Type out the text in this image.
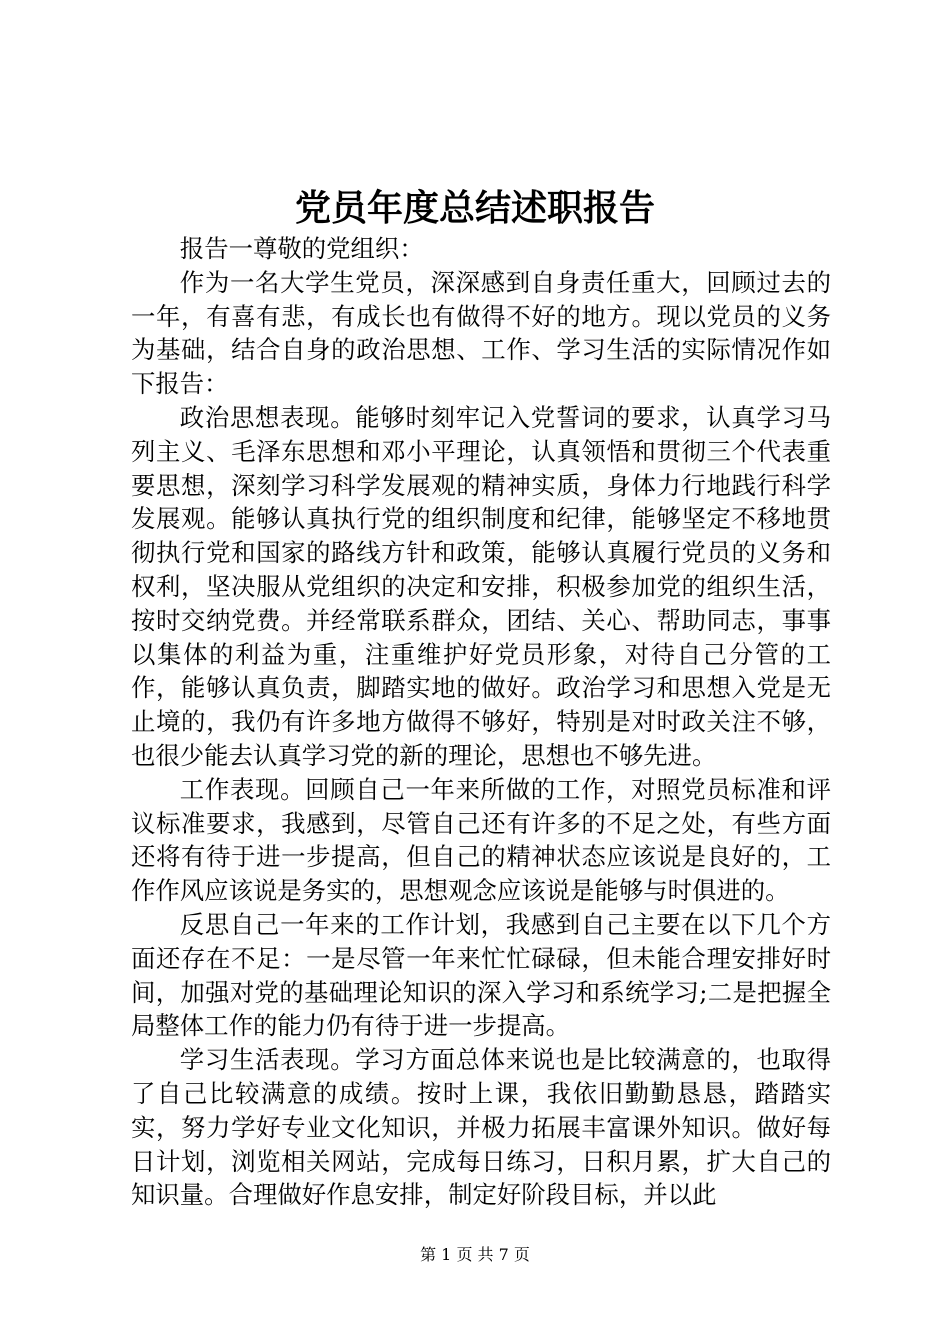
党员年度总结述职报告

报告一尊敬的党组织：

作为一名大学生党员，深深感到自身责任重大，回顾过去的一年，有喜有悲，有成长也有做得不好的地方。现以党员的义务为基础，结合自身的政治思想、工作、学习生活的实际情况作如下报告：

政治思想表现。能够时刻牢记入党誓词的要求，认真学习马列主义、毛泽东思想和邓小平理论，认真领悟和贯彻三个代表重要思想，深刻学习科学发展观的精神实质，身体力行地践行科学发展观。能够认真执行党的组织制度和纪律，能够坚定不移地贯彻执行党和国家的路线方针和政策，能够认真履行党员的义务和权利，坚决服从党组织的决定和安排，积极参加党的组织生活，按时交纳党费。并经常联系群众，团结、关心、帮助同志，事事以集体的利益为重，注重维护好党员形象，对待自己分管的工作，能够认真负责，脚踏实地的做好。政治学习和思想入党是无止境的，我仍有许多地方做得不够好，特别是对时政关注不够，也很少能去认真学习党的新的理论，思想也不够先进。

工作表现。回顾自己一年来所做的工作，对照党员标准和评议标准要求，我感到，尽管自己还有许多的不足之处，有些方面还将有待于进一步提高，但自己的精神状态应该说是良好的，工作作风应该说是务实的，思想观念应该说是能够与时俱进的。

反思自己一年来的工作计划，我感到自己主要在以下几个方面还存在不足：一是尽管一年来忙忙碌碌，但未能合理安排好时间，加强对党的基础理论知识的深入学习和系统学习;二是把握全局整体工作的能力仍有待于进一步提高。

学习生活表现。学习方面总体来说也是比较满意的，也取得了自己比较满意的成绩。按时上课，我依旧勤勤恳恳，踏踏实实，努力学好专业文化知识，并极力拓展丰富课外知识。做好每日计划，浏览相关网站，完成每日练习，日积月累，扩大自己的知识量。合理做好作息安排，制定好阶段目标，并以此

第 1 页 共 7 页
